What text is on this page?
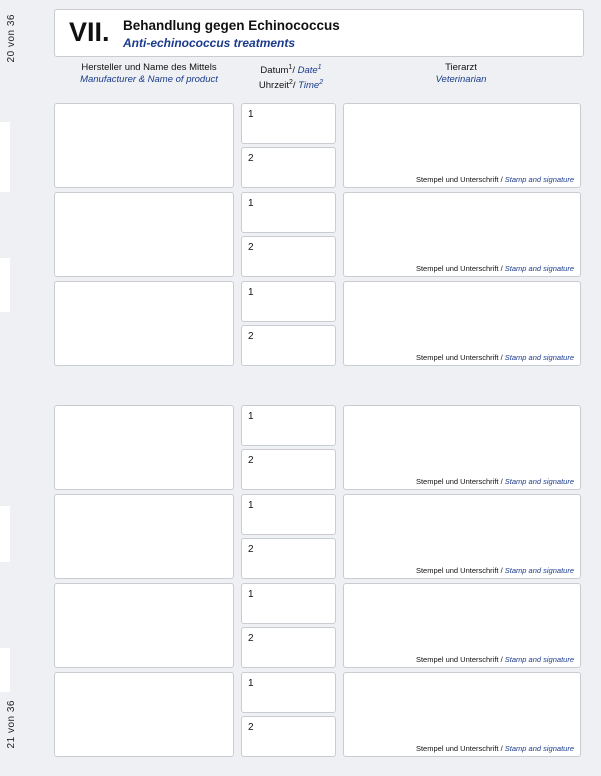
20 von 36
21 von 36
VII. Behandlung gegen Echinococcus
Anti-echinococcus treatments
Hersteller und Name des Mittels
Manufacturer & Name of product
Datum$^1$/ Date$^1$
Uhrzeit$^2$/ Time$^2$
Tierarzt
Veterinarian
1
2
Stempel und Unterschrift / Stamp and signature
1
2
Stempel und Unterschrift / Stamp and signature
1
2
Stempel und Unterschrift / Stamp and signature
1
2
Stempel und Unterschrift / Stamp and signature
1
2
Stempel und Unterschrift / Stamp and signature
1
2
Stempel und Unterschrift / Stamp and signature
1
2
Stempel und Unterschrift / Stamp and signature
